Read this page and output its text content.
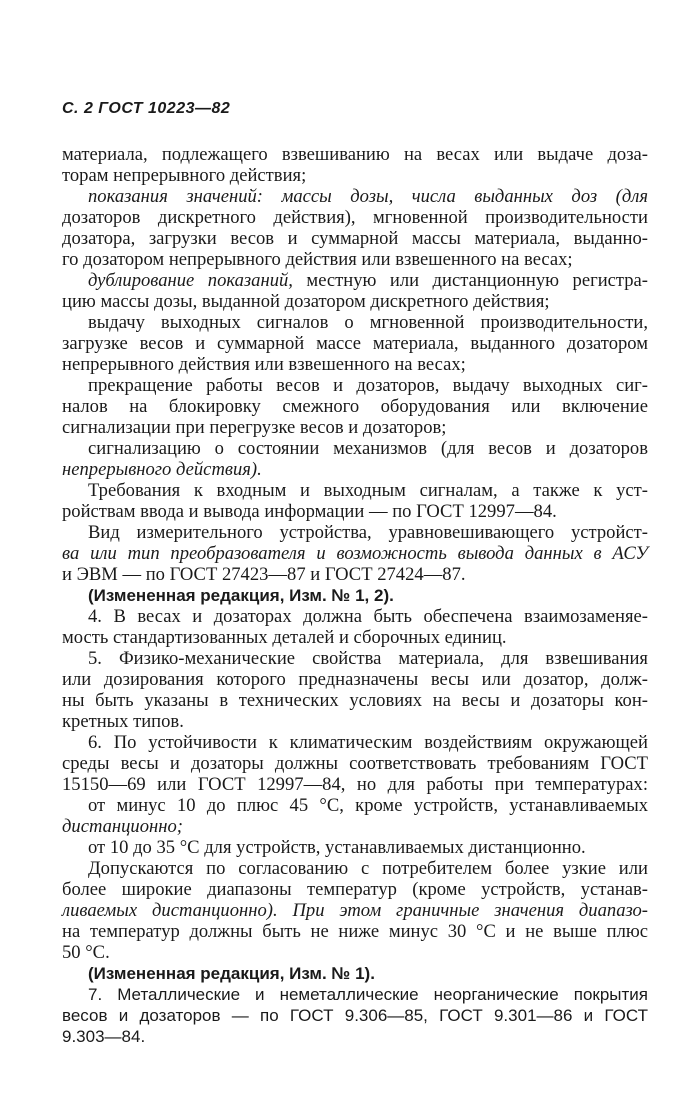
С. 2 ГОСТ 10223—82
материала, подлежащего взвешиванию на весах или выдаче доза-
торам непрерывного действия;
показания значений: массы дозы, числа выданных доз (для
дозаторов дискретного действия), мгновенной производительности
дозатора, загрузки весов и суммарной массы материала, выданно-
го дозатором непрерывного действия или взвешенного на весах;
дублирование показаний, местную или дистанционную регистра-
цию массы дозы, выданной дозатором дискретного действия;
выдачу выходных сигналов о мгновенной производительности,
загрузке весов и суммарной массе материала, выданного дозатором
непрерывного действия или взвешенного на весах;
прекращение работы весов и дозаторов, выдачу выходных сиг-
налов на блокировку смежного оборудования или включение
сигнализации при перегрузке весов и дозаторов;
сигнализацию о состоянии механизмов (для весов и дозаторов
непрерывного действия).
Требования к входным и выходным сигналам, а также к уст-
ройствам ввода и вывода информации — по ГОСТ 12997—84.
Вид измерительного устройства, уравновешивающего устройст-
ва или тип преобразователя и возможность вывода данных в АСУ
и ЭВМ — по ГОСТ 27423—87 и ГОСТ 27424—87.
(Измененная редакция, Изм. № 1, 2).
4. В весах и дозаторах должна быть обеспечена взаимозаменяе-
мость стандартизованных деталей и сборочных единиц.
5. Физико-механические свойства материала, для взвешивания
или дозирования которого предназначены весы или дозатор, долж-
ны быть указаны в технических условиях на весы и дозаторы кон-
кретных типов.
6. По устойчивости к климатическим воздействиям окружающей
среды весы и дозаторы должны соответствовать требованиям ГОСТ
15150—69 или ГОСТ 12997—84, но для работы при температурах:
от минус 10 до плюс 45 °С, кроме устройств, устанавливаемых
дистанционно;
от 10 до 35 °С для устройств, устанавливаемых дистанционно.
Допускаются по согласованию с потребителем более узкие или
более широкие диапазоны температур (кроме устройств, устанав-
ливаемых дистанционно). При этом граничные значения диапазо-
на температур должны быть не ниже минус 30 °С и не выше плюс
50 °С.
(Измененная редакция, Изм. № 1).
7. Металлические и неметаллические неорганические покрытия
весов и дозаторов — по ГОСТ 9.306—85, ГОСТ 9.301—86 и ГОСТ
9.303—84.
